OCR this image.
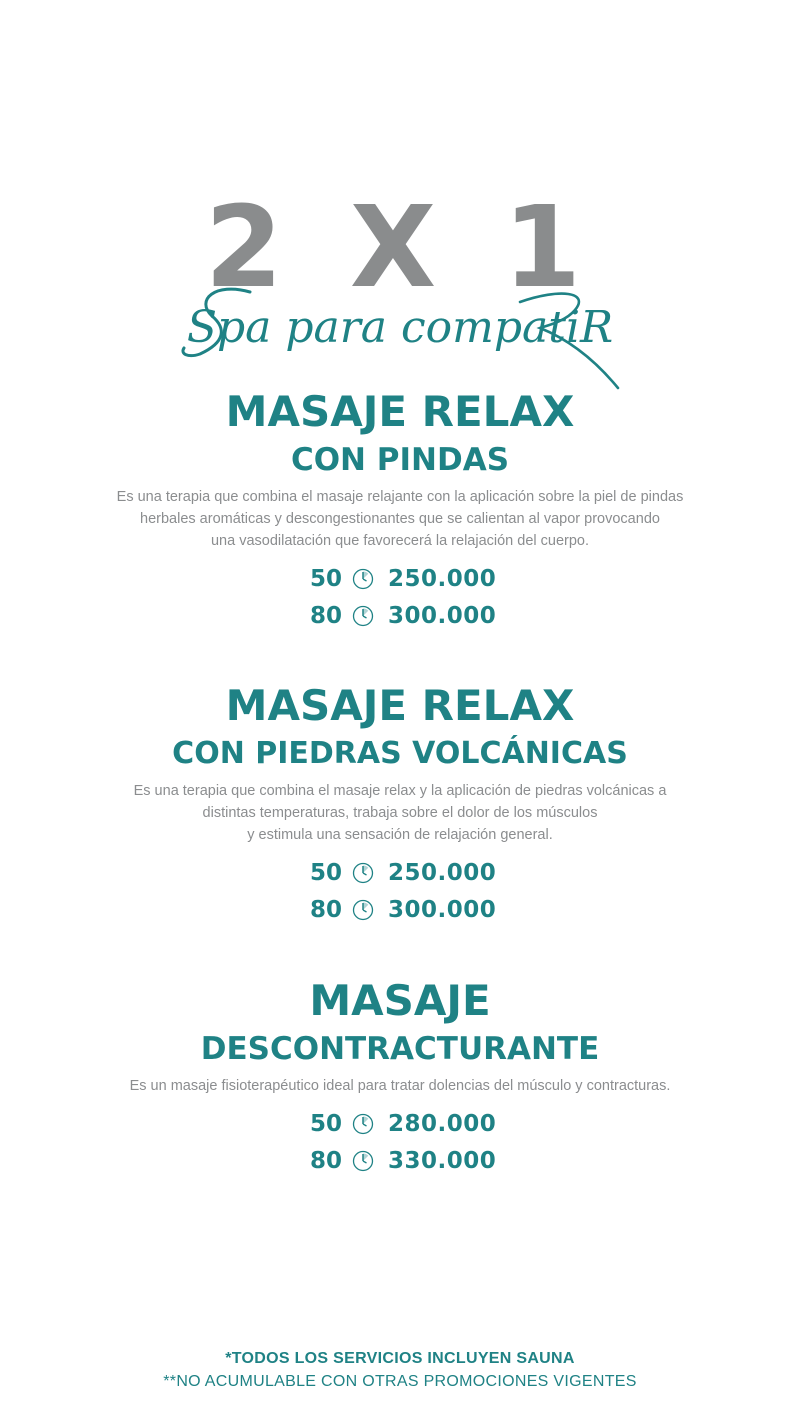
2 X 1
Spa para compatiR
MASAJE RELAX
CON PINDAS
Es una terapia que combina el masaje relajante con la aplicación sobre la piel de pindas
herbales aromáticas y descongestionantes que se calientan al vapor provocando
una vasodilatación que favorecerá la relajación del cuerpo.
50 250.000
80 300.000
MASAJE RELAX
CON PIEDRAS VOLCÁNICAS
Es una terapia que combina el masaje relax y la aplicación de piedras volcánicas a
distintas temperaturas, trabaja sobre el dolor de los músculos
y estimula una sensación de relajación general.
50 250.000
80 300.000
MASAJE
DESCONTRACTURANTE
Es un masaje fisioterapéutico ideal para tratar dolencias del músculo y contracturas.
50 280.000
80 330.000
*TODOS LOS SERVICIOS INCLUYEN SAUNA
**NO ACUMULABLE CON OTRAS PROMOCIONES VIGENTES
